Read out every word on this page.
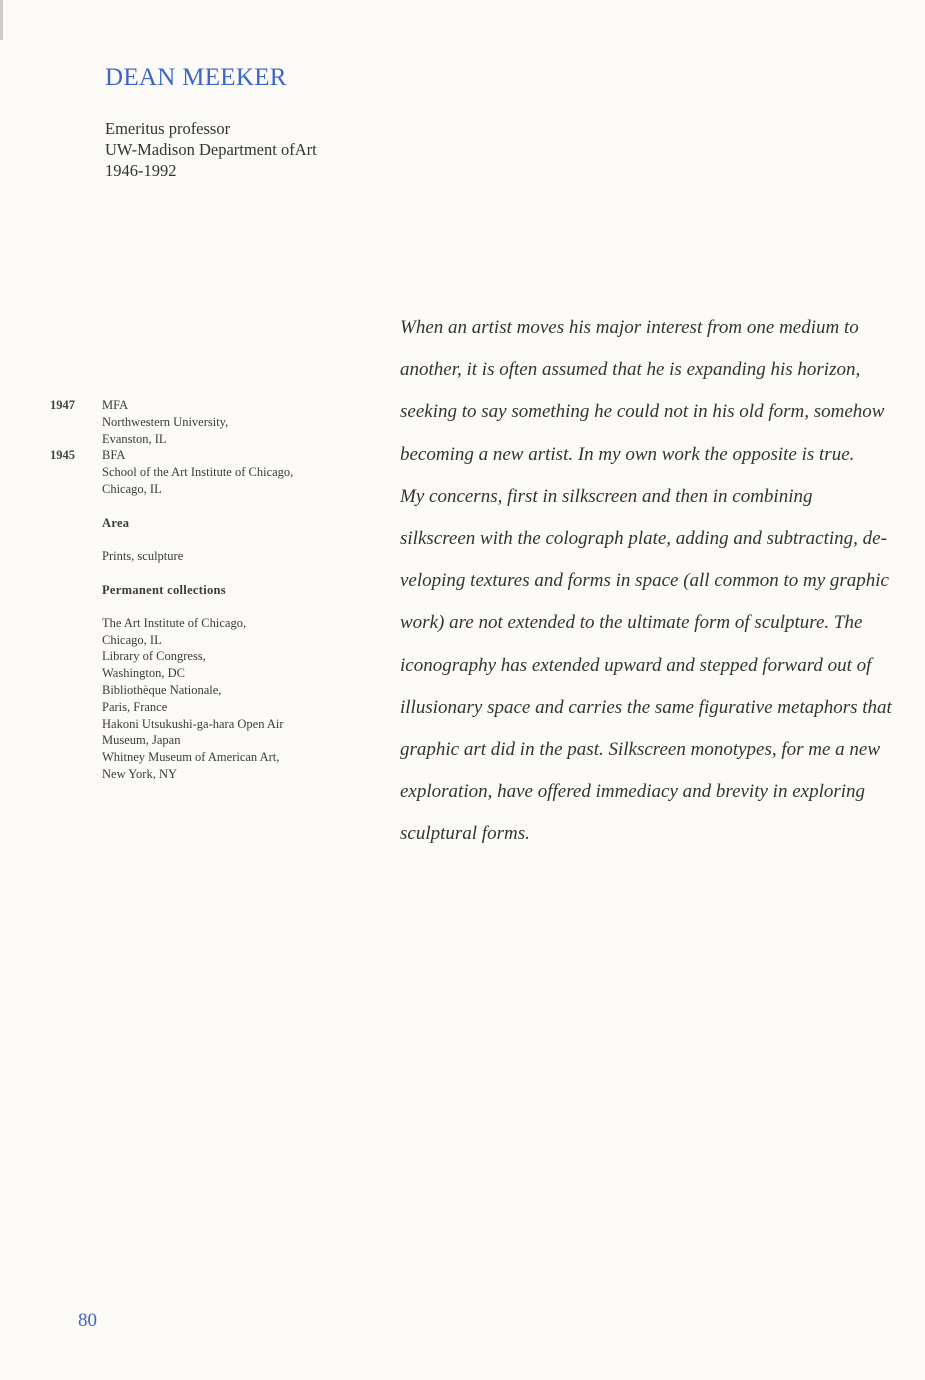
DEAN MEEKER
Emeritus professor
UW-Madison Department ofArt
1946-1992
1947	MFA
Northwestern University,
Evanston, IL
1945	BFA
School of the Art Institute of Chicago,
Chicago, IL
Area
Prints, sculpture
Permanent collections
The Art Institute of Chicago,
Chicago, IL
Library of Congress,
Washington, DC
Bibliothèque Nationale,
Paris, France
Hakoni Utsukushi-ga-hara Open Air
Museum, Japan
Whitney Museum of American Art,
New York, NY
When an artist moves his major interest from one medium to
another, it is often assumed that he is expanding his horizon,
seeking to say something he could not in his old form, somehow
becoming a new artist. In my own work the opposite is true.
My concerns, first in silkscreen and then in combining
silkscreen with the colograph plate, adding and subtracting, de-
veloping textures and forms in space (all common to my graphic
work) are not extended to the ultimate form of sculpture. The
iconography has extended upward and stepped forward out of
illusionary space and carries the same figurative metaphors that
graphic art did in the past. Silkscreen monotypes, for me a new
exploration, have offered immediacy and brevity in exploring
sculptural forms.
80
